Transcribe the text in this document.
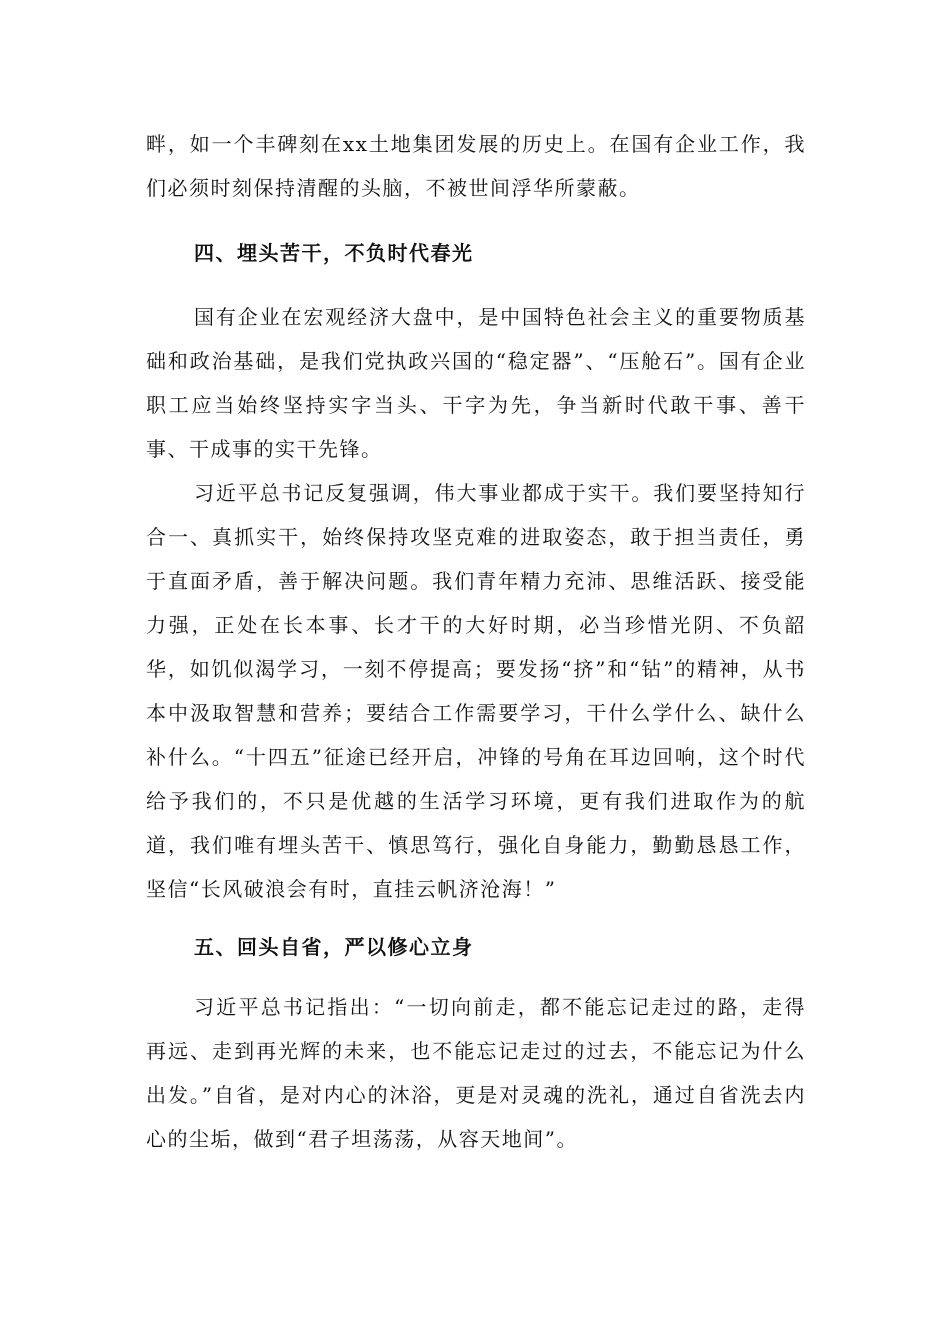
畔，如一个丰碑刻在xx土地集团发展的历史上。在国有企业工作，我们必须时刻保持清醒的头脑，不被世间浮华所蒙蔽。

四、埋头苦干，不负时代春光

国有企业在宏观经济大盘中，是中国特色社会主义的重要物质基础和政治基础，是我们党执政兴国的“稳定器”、“压舱石”。国有企业职工应当始终坚持实字当头、干字为先，争当新时代敢干事、善干事、干成事的实干先锋。

习近平总书记反复强调，伟大事业都成于实干。我们要坚持知行合一、真抓实干，始终保持攻坚克难的进取姿态，敢于担当责任，勇于直面矛盾，善于解决问题。我们青年精力充沛、思维活跃、接受能力强，正处在长本事、长才干的大好时期，必当珍惜光阴、不负韶华，如饥似渴学习，一刻不停提高；要发扬“挤”和“钻”的精神，从书本中汲取智慧和营养；要结合工作需要学习，干什么学什么、缺什么补什么。“十四五”征途已经开启，冲锋的号角在耳边回响，这个时代给予我们的，不只是优越的生活学习环境，更有我们进取作为的航道，我们唯有埋头苦干、慎思笃行，强化自身能力，勤勤恳恳工作，坚信“长风破浪会有时，直挂云帆济沧海！”

五、回头自省，严以修心立身

习近平总书记指出：“一切向前走，都不能忘记走过的路，走得再远、走到再光辉的未来，也不能忘记走过的过去，不能忘记为什么出发。”自省，是对内心的沐浴，更是对灵魂的洗礼，通过自省洗去内心的尘垢，做到“君子坦荡荡，从容天地间”。
